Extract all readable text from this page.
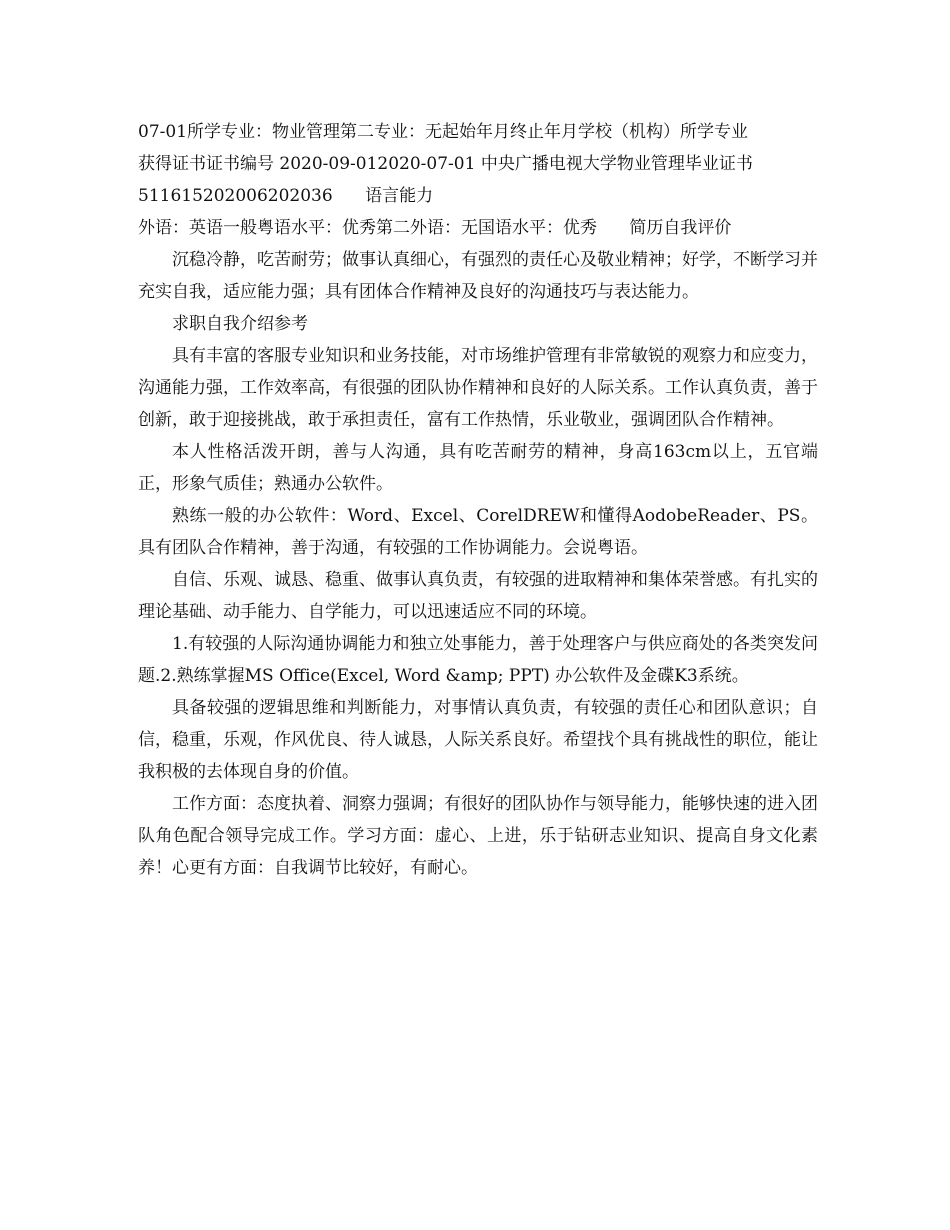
07-01所学专业：物业管理第二专业：无起始年月终止年月学校（机构）所学专业
获得证书证书编号 2020-09-012020-07-01 中央广播电视大学物业管理毕业证书
511615202006202036      语言能力
外语：英语一般粤语水平：优秀第二外语：无国语水平：优秀      简历自我评价

沉稳冷静，吃苦耐劳；做事认真细心，有强烈的责任心及敬业精神；好学，不断学习并充实自我，适应能力强；具有团体合作精神及良好的沟通技巧与表达能力。

求职自我介绍参考

具有丰富的客服专业知识和业务技能，对市场维护管理有非常敏锐的观察力和应变力，沟通能力强，工作效率高，有很强的团队协作精神和良好的人际关系。工作认真负责，善于创新，敢于迎接挑战，敢于承担责任，富有工作热情，乐业敬业，强调团队合作精神。

本人性格活泼开朗，善与人沟通，具有吃苦耐劳的精神，身高163cm以上，五官端正，形象气质佳；熟通办公软件。

熟练一般的办公软件：Word、Excel、CorelDREW和懂得AodobeReader、PS。具有团队合作精神，善于沟通，有较强的工作协调能力。会说粤语。

自信、乐观、诚恳、稳重、做事认真负责，有较强的进取精神和集体荣誉感。有扎实的理论基础、动手能力、自学能力，可以迅速适应不同的环境。

1.有较强的人际沟通协调能力和独立处事能力，善于处理客户与供应商处的各类突发问题.2.熟练掌握MS Office(Excel, Word &amp; PPT) 办公软件及金碟K3系统。

具备较强的逻辑思维和判断能力，对事情认真负责，有较强的责任心和团队意识；自信，稳重，乐观，作风优良、待人诚恳，人际关系良好。希望找个具有挑战性的职位，能让我积极的去体现自身的价值。

工作方面：态度执着、洞察力强调；有很好的团队协作与领导能力，能够快速的进入团队角色配合领导完成工作。学习方面：虚心、上进，乐于钻研志业知识、提高自身文化素养！心更有方面：自我调节比较好，有耐心。
